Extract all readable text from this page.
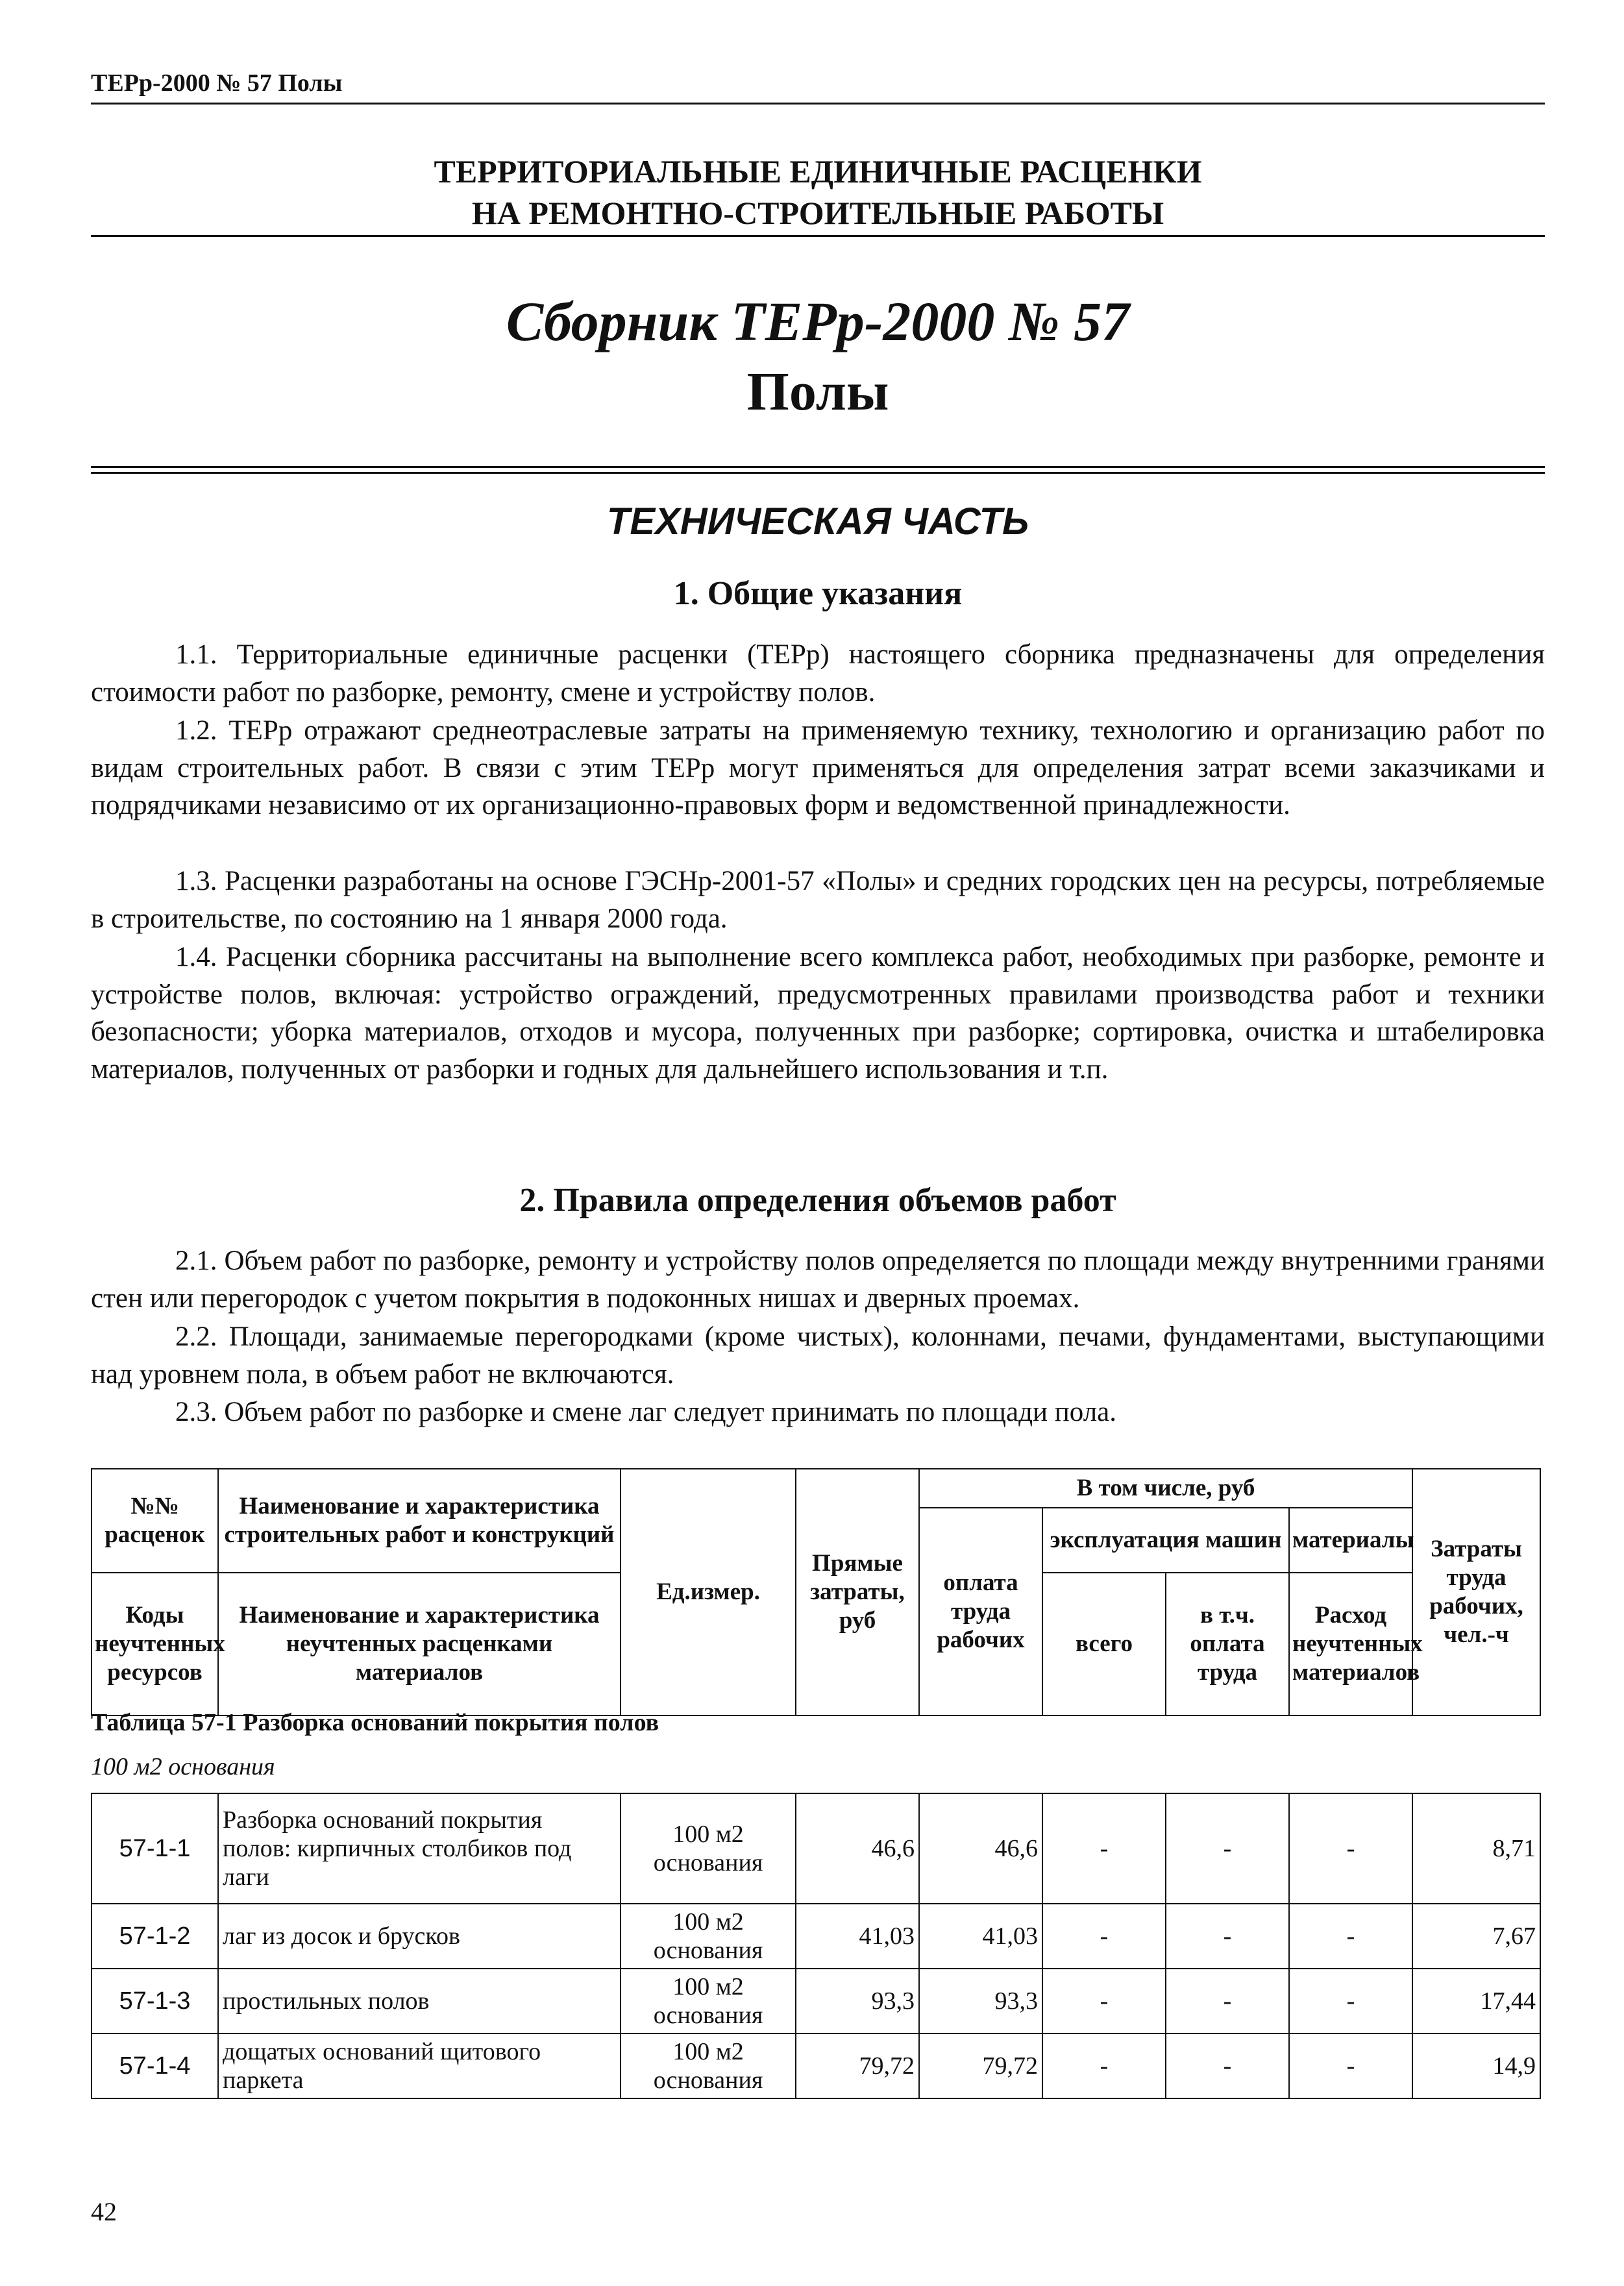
ТЕРр-2000 № 57 Полы
ТЕРРИТОРИАЛЬНЫЕ ЕДИНИЧНЫЕ РАСЦЕНКИ
НА РЕМОНТНО-СТРОИТЕЛЬНЫЕ РАБОТЫ
Сборник ТЕРр-2000 № 57
Полы
ТЕХНИЧЕСКАЯ ЧАСТЬ
1. Общие указания
1.1. Территориальные единичные расценки (ТЕРр) настоящего сборника предназначены для определения стоимости работ по разборке, ремонту, смене и устройству полов.
1.2. ТЕРр отражают среднеотраслевые затраты на применяемую технику, технологию и организацию работ по видам строительных работ. В связи с этим ТЕРр могут применяться для определения затрат всеми заказчиками и подрядчиками независимо от их организационно-правовых форм и ведомственной принадлежности.
1.3. Расценки разработаны на основе ГЭСНр-2001-57 «Полы» и средних городских цен на ресурсы, потребляемые в строительстве, по состоянию на 1 января 2000 года.
1.4. Расценки сборника рассчитаны на выполнение всего комплекса работ, необходимых при разборке, ремонте и устройстве полов, включая: устройство ограждений, предусмотренных правилами производства работ и техники безопасности; уборка материалов, отходов и мусора, полученных при разборке; сортировка, очистка и штабелировка материалов, полученных от разборки и годных для дальнейшего использования и т.п.
2. Правила определения объемов работ
2.1. Объем работ по разборке, ремонту и устройству полов определяется по площади между внутренними гранями стен или перегородок с учетом покрытия в подоконных нишах и дверных проемах.
2.2. Площади, занимаемые перегородками (кроме чистых), колоннами, печами, фундаментами, выступающими над уровнем пола, в объем работ не включаются.
2.3. Объем работ по разборке и смене лаг следует принимать по площади пола.
№№ расценок	Наименование и характеристика строительных работ и конструкций	Ед.измер.	Прямые затраты, руб	В том числе, руб				Затраты труда рабочих, чел.-ч
				оплата труда рабочих	эксплуатация машин		материалы	
Коды неучтенных ресурсов	Наименование и характеристика неучтенных расценками материалов				всего	в т.ч. оплата труда	Расход неучтенных материалов	

Таблица 57-1 Разборка оснований покрытия полов
100 м2 основания
57-1-1	Разборка оснований покрытия полов: кирпичных столбиков под лаги	100 м2 основания	46,6	46,6	-	-	-	8,71
57-1-2	лаг из досок и брусков	100 м2 основания	41,03	41,03	-	-	-	7,67
57-1-3	простильных полов	100 м2 основания	93,3	93,3	-	-	-	17,44
57-1-4	дощатых оснований щитового паркета	100 м2 основания	79,72	79,72	-	-	-	14,9
42
